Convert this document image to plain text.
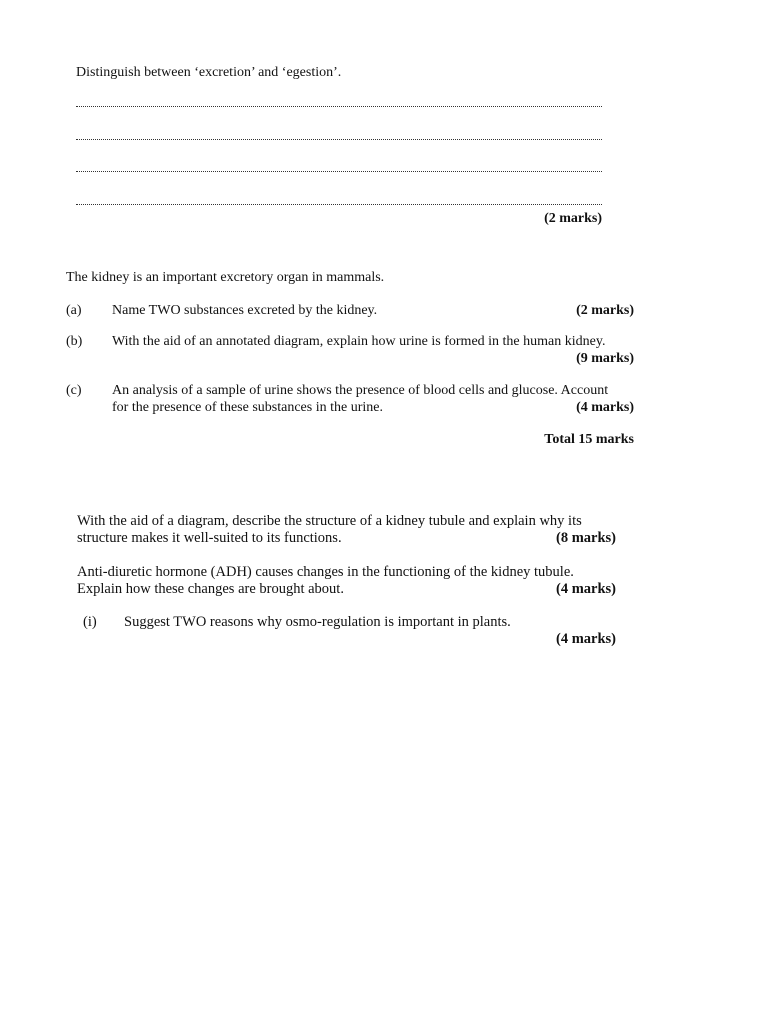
Distinguish between ‘excretion’ and ‘egestion’.
(2 marks)
The kidney is an important excretory organ in mammals.
(a) Name TWO substances excreted by the kidney.	(2 marks)
(b) With the aid of an annotated diagram, explain how urine is formed in the human kidney.
(9 marks)
(c) An analysis of a sample of urine shows the presence of blood cells and glucose. Account
for the presence of these substances in the urine.	(4 marks)
Total 15 marks
With the aid of a diagram, describe the structure of a kidney tubule and explain why its
structure makes it well-suited to its functions.	(8 marks)
Anti-diuretic hormone (ADH) causes changes in the functioning of the kidney tubule.
Explain how these changes are brought about.	(4 marks)
(i) Suggest TWO reasons why osmo-regulation is important in plants.
(4 marks)
